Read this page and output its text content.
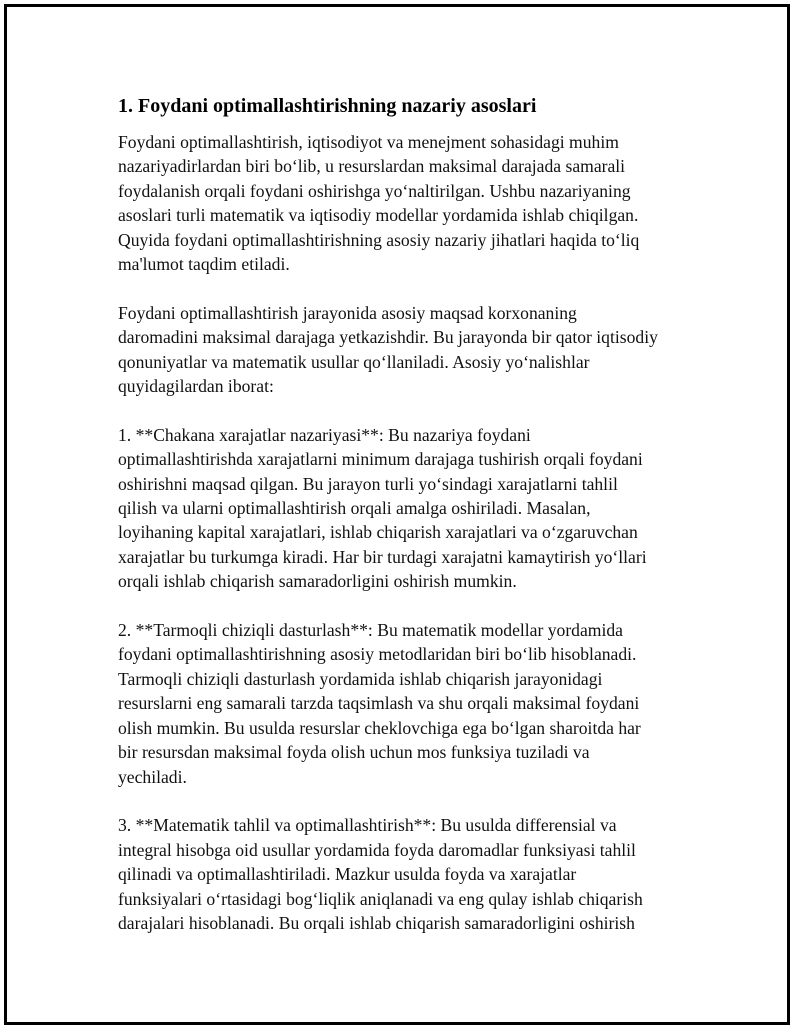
1. Foydani optimallashtirishning nazariy asoslari

Foydani optimallashtirish, iqtisodiyot va menejment sohasidagi muhim
nazariyadirlardan biri bo‘lib, u resurslardan maksimal darajada samarali
foydalanish orqali foydani oshirishga yo‘naltirilgan. Ushbu nazariyaning
asoslari turli matematik va iqtisodiy modellar yordamida ishlab chiqilgan.
Quyida foydani optimallashtirishning asosiy nazariy jihatlari haqida to‘liq
ma'lumot taqdim etiladi.

Foydani optimallashtirish jarayonida asosiy maqsad korxonaning
daromadini maksimal darajaga yetkazishdir. Bu jarayonda bir qator iqtisodiy
qonuniyatlar va matematik usullar qo‘llaniladi. Asosiy yo‘nalishlar
quyidagilardan iborat:

1. **Chakana xarajatlar nazariyasi**: Bu nazariya foydani
optimallashtirishda xarajatlarni minimum darajaga tushirish orqali foydani
oshirishni maqsad qilgan. Bu jarayon turli yo‘sindagi xarajatlarni tahlil
qilish va ularni optimallashtirish orqali amalga oshiriladi. Masalan,
loyihaning kapital xarajatlari, ishlab chiqarish xarajatlari va o‘zgaruvchan
xarajatlar bu turkumga kiradi. Har bir turdagi xarajatni kamaytirish yo‘llari
orqali ishlab chiqarish samaradorligini oshirish mumkin.

2. **Tarmoqli chiziqli dasturlash**: Bu matematik modellar yordamida
foydani optimallashtirishning asosiy metodlaridan biri bo‘lib hisoblanadi.
Tarmoqli chiziqli dasturlash yordamida ishlab chiqarish jarayonidagi
resurslarni eng samarali tarzda taqsimlash va shu orqali maksimal foydani
olish mumkin. Bu usulda resurslar cheklovchiga ega bo‘lgan sharoitda har
bir resursdan maksimal foyda olish uchun mos funksiya tuziladi va
yechiladi.

3. **Matematik tahlil va optimallashtirish**: Bu usulda differensial va
integral hisobga oid usullar yordamida foyda daromadlar funksiyasi tahlil
qilinadi va optimallashtiriladi. Mazkur usulda foyda va xarajatlar
funksiyalari o‘rtasidagi bog‘liqlik aniqlanadi va eng qulay ishlab chiqarish
darajalari hisoblanadi. Bu orqali ishlab chiqarish samaradorligini oshirish
